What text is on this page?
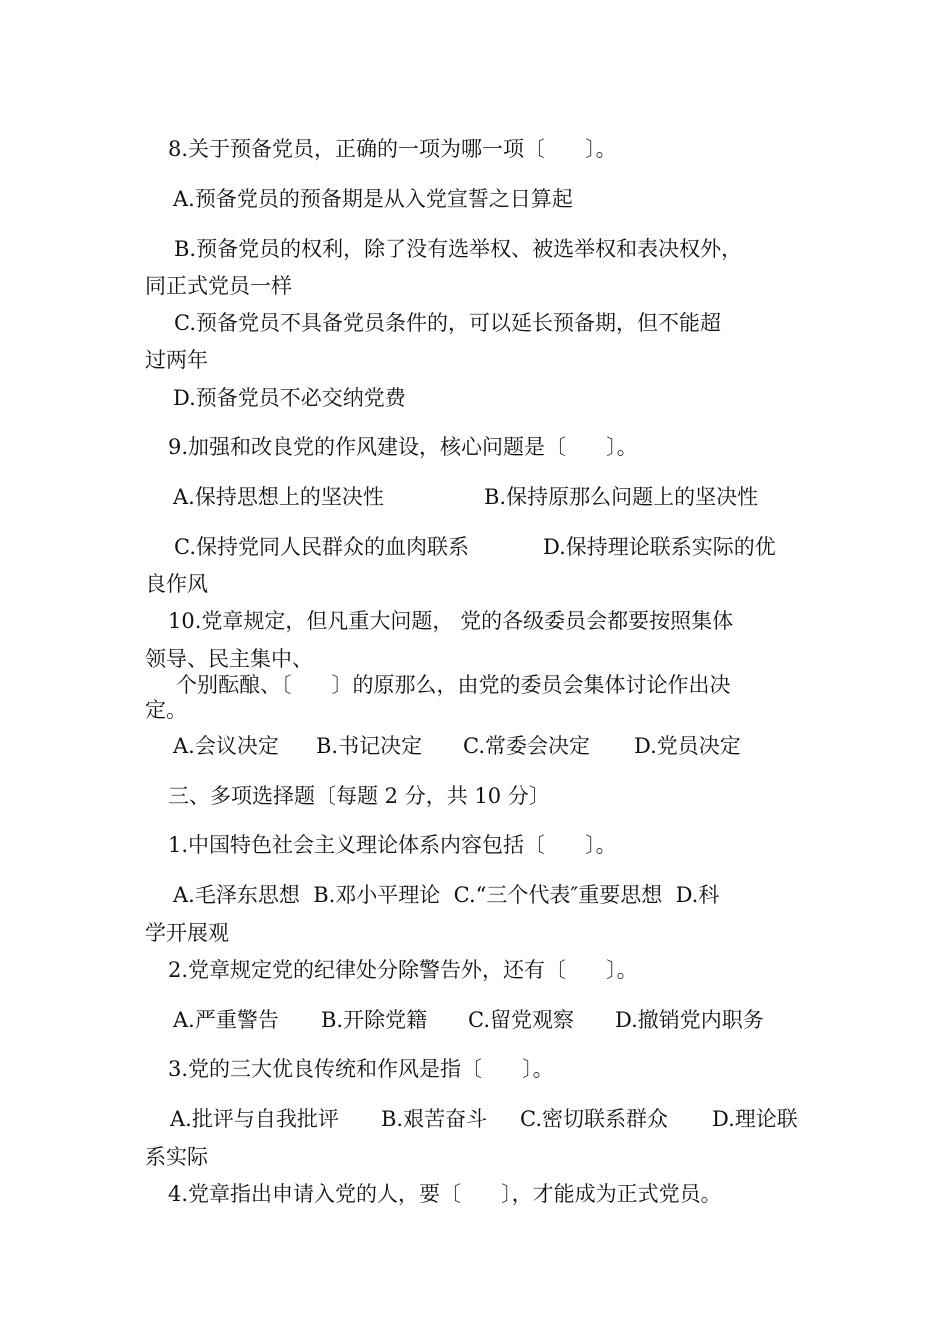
8.关于预备党员，正确的一项为哪一项〔      〕。

A.预备党员的预备期是从入党宣誓之日算起

B.预备党员的权利，除了没有选举权、被选举权和表决权外，

同正式党员一样

C.预备党员不具备党员条件的，可以延长预备期，但不能超

过两年

D.预备党员不必交纳党费

9.加强和改良党的作风建设，核心问题是〔      〕。

A.保持思想上的坚决性	B.保持原那么问题上的坚决性

C.保持党同人民群众的血肉联系	D.保持理论联系实际的优

良作风

10.党章规定，但凡重大问题， 党的各级委员会都要按照集体

领导、民主集中、

个别酝酿、〔      〕的原那么，由党的委员会集体讨论作出决

定。

A.会议决定 B.书记决定 C.常委会决定 D.党员决定

三、多项选择题〔每题 2 分，共 10 分〕

1.中国特色社会主义理论体系内容包括〔      〕。

A.毛泽东思想  B.邓小平理论  C.“三个代表″重要思想  D.科

学开展观

2.党章规定党的纪律处分除警告外，还有〔      〕。

A.严重警告 B.开除党籍 C.留党观察 D.撤销党内职务

3.党的三大优良传统和作风是指〔      〕。

A.批评与自我批评 B.艰苦奋斗 C.密切联系群众 D.理论联

系实际

4.党章指出申请入党的人，要〔      〕，才能成为正式党员。
